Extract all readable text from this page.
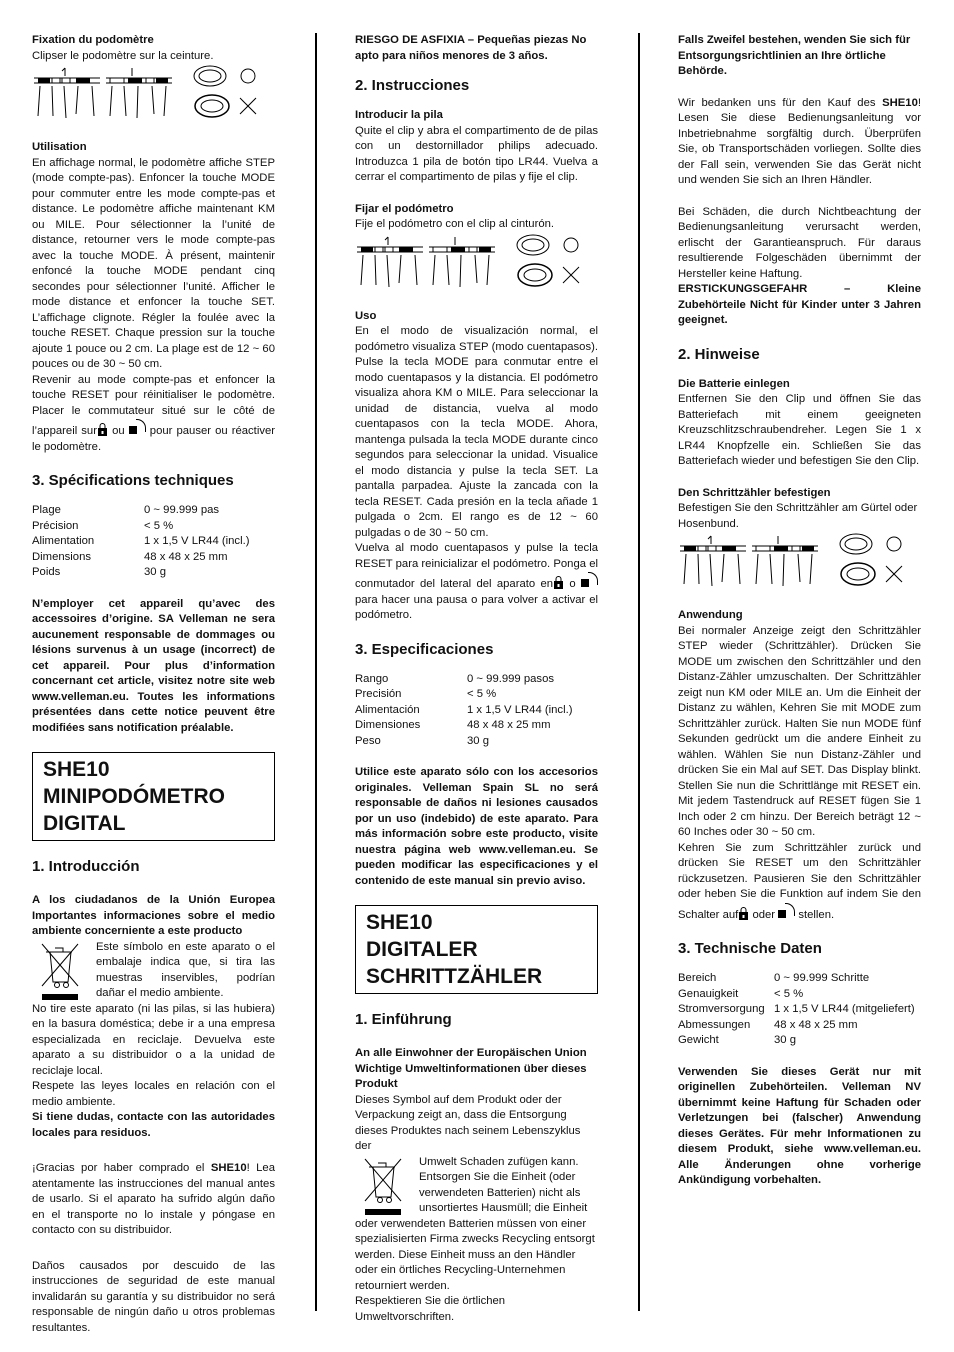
Fixation du podomètre

Clipser le podomètre sur la ceinture.

Utilisation

En affichage normal, le podomètre affiche STEP (mode compte-pas). Enfoncer la touche MODE pour commuter entre les mode compte-pas et distance. Le podomètre affiche maintenant KM ou MILE. Pour sélectionner la l’unité de distance, retourner vers le mode compte-pas avec la touche MODE. À présent, maintenir enfoncé la touche MODE pendant cinq secondes pour sélectionner l’unité. Afficher le mode distance et enfoncer la touche SET. L’affichage clignote. Régler la foulée avec la touche RESET. Chaque pression sur la touche ajoute 1 pouce ou 2 cm. La plage est de 12 ~ 60 pouces ou de 30 ~ 50 cm.

Revenir au mode compte-pas et enfoncer la touche RESET pour réinitialiser le podomètre. Placer le commutateur situé sur le côté de l’appareil sur ou pour pauser ou réactiver le podomètre.

3. Spécifications techniques
Plage	0 ~ 99.999 pas
Précision	< 5 %
Alimentation	1 x 1,5 V LR44 (incl.)
Dimensions	48 x 48 x 25 mm
Poids	30 g

N’employer cet appareil qu’avec des accessoires d’origine. SA Velleman ne sera aucunement responsable de dommages ou lésions survenus à un usage (incorrect) de cet appareil. Pour plus d’information concernant cet article, visitez notre site web www.velleman.eu. Toutes les informations présentées dans cette notice peuvent être modifiées sans notification préalable.

SHE10
MINIPODÓMETRO DIGITAL
1. Introducción

A los ciudadanos de la Unión Europea Importantes informaciones sobre el medio ambiente concerniente a este producto

Este símbolo en este aparato o el embalaje indica que, si tira las muestras inservibles, podrían dañar el medio ambiente.

No tire este aparato (ni las pilas, si las hubiera) en la basura doméstica; debe ir a una empresa especializada en reciclaje. Devuelva este aparato a su distribuidor o a la unidad de reciclaje local.

Respete las leyes locales en relación con el medio ambiente.

Si tiene dudas, contacte con las autoridades locales para residuos.

¡Gracias por haber comprado el SHE10! Lea atentamente las instrucciones del manual antes de usarlo. Si el aparato ha sufrido algún daño en el transporte no lo instale y póngase en contacto con su distribuidor.

Daños causados por descuido de las instrucciones de seguridad de este manual invalidarán su garantía y su distribuidor no será responsable de ningún daño u otros problemas resultantes.

RIESGO DE ASFIXIA – Pequeñas piezas No apto para niños menores de 3 años.

2. Instrucciones

Introducir la pila

Quite el clip y abra el compartimento de de pilas con un destornillador philips adecuado. Introduzca 1 pila de botón tipo LR44. Vuelva a cerrar el compartimento de pilas y fije el clip.

Fijar el podómetro

Fije el podómetro con el clip al cinturón.

Uso

En el modo de visualización normal, el podómetro visualiza STEP (modo cuentapasos). Pulse la tecla MODE para conmutar entre el modo cuentapasos y la distancia. El podómetro visualiza ahora KM o MILE. Para seleccionar la unidad de distancia, vuelva al modo cuentapasos con la tecla MODE. Ahora, mantenga pulsada la tecla MODE durante cinco segundos para seleccionar la unidad. Visualice el modo distancia y pulse la tecla SET. La pantalla parpadea. Ajuste la zancada con la tecla RESET. Cada presión en la tecla añade 1 pulgada o 2cm. El rango es de 12 ~ 60 pulgadas o de 30 ~ 50 cm.

Vuelva al modo cuentapasos y pulse la tecla RESET para reinicializar el podómetro. Ponga el conmutador del lateral del aparato en o  para hacer una pausa o para volver a activar el podómetro.

3. Especificaciones
Rango	0 ~ 99.999 pasos
Precisión	< 5 %
Alimentación	1 x 1,5 V LR44 (incl.)
Dimensiones	48 x 48 x 25 mm
Peso	30 g

Utilice este aparato sólo con los accesorios originales. Velleman Spain SL no será responsable de daños ni lesiones causados por un uso (indebido) de este aparato. Para más información sobre este producto, visite nuestra página web www.velleman.eu. Se pueden modificar las especificaciones y el contenido de este manual sin previo aviso.

SHE10
DIGITALER
SCHRITTZÄHLER
1. Einführung

An alle Einwohner der Europäischen Union Wichtige Umweltinformationen über dieses Produkt

Dieses Symbol auf dem Produkt oder der Verpackung zeigt an, dass die Entsorgung dieses Produktes nach seinem Lebenszyklus der

Umwelt Schaden zufügen kann. Entsorgen Sie die Einheit (oder verwendeten Batterien) nicht als unsortiertes Hausmüll; die Einheit oder verwendeten Batterien müssen von einer spezialisierten Firma zwecks Recycling entsorgt werden. Diese Einheit muss an den Händler oder ein örtliches Recycling-Unternehmen retourniert werden.

Respektieren Sie die örtlichen Umweltvorschriften.

Falls Zweifel bestehen, wenden Sie sich für Entsorgungsrichtlinien an Ihre örtliche Behörde.

Wir bedanken uns für den Kauf des SHE10! Lesen Sie diese Bedienungsanleitung vor Inbetriebnahme sorgfältig durch. Überprüfen Sie, ob Transportschäden vorliegen. Sollte dies der Fall sein, verwenden Sie das Gerät nicht und wenden Sie sich an Ihren Händler.

Bei Schäden, die durch Nichtbeachtung der Bedienungsanleitung verursacht werden, erlischt der Garantieanspruch. Für daraus resultierende Folgeschäden übernimmt der Hersteller keine Haftung.

ERSTICKUNGSGEFAHR – Kleine Zubehörteile Nicht für Kinder unter 3 Jahren geeignet.

2. Hinweise

Die Batterie einlegen

Entfernen Sie den Clip und öffnen Sie das Batteriefach mit einem geeigneten Kreuzschlitzschraubendreher. Legen Sie 1 x LR44 Knopfzelle ein. Schließen Sie das Batteriefach wieder und befestigen Sie den Clip.

Den Schrittzähler befestigen

Befestigen Sie den Schrittzähler am Gürtel oder Hosenbund.

Anwendung

Bei normaler Anzeige zeigt den Schrittzähler STEP wieder (Schrittzähler). Drücken Sie MODE um zwischen den Schrittzähler und den Distanz-Zähler umzuschalten. Der Schrittzähler zeigt nun KM oder MILE an. Um die Einheit der Distanz zu wählen, Kehren Sie mit MODE zum Schrittzähler zurück. Halten Sie nun MODE fünf Sekunden gedrückt um die andere Einheit zu wählen. Wählen Sie nun Distanz-Zähler und drücken Sie ein Mal auf SET. Das Display blinkt. Stellen Sie nun die Schrittlänge mit RESET ein. Mit jedem Tastendruck auf RESET fügen Sie 1 Inch oder 2 cm hinzu. Der Bereich beträgt 12 ~ 60 Inches oder 30 ~ 50 cm.

Kehren Sie zum Schrittzähler zurück und drücken Sie RESET um den Schrittzähler rückzusetzen. Pausieren Sie den Schrittzähler oder heben Sie die Funktion auf indem Sie den Schalter auf oder stellen.

3. Technische Daten
Bereich	0 ~ 99.999 Schritte
Genauigkeit	< 5 %
Stromversorgung	1 x 1,5 V LR44 (mitgeliefert)
Abmessungen	48 x 48 x 25 mm
Gewicht	30 g

Verwenden Sie dieses Gerät nur mit originellen Zubehörteilen. Velleman NV übernimmt keine Haftung für Schaden oder Verletzungen bei (falscher) Anwendung dieses Gerätes. Für mehr Informationen zu diesem Produkt, siehe www.velleman.eu. Alle Änderungen ohne vorherige Ankündigung vorbehalten.
